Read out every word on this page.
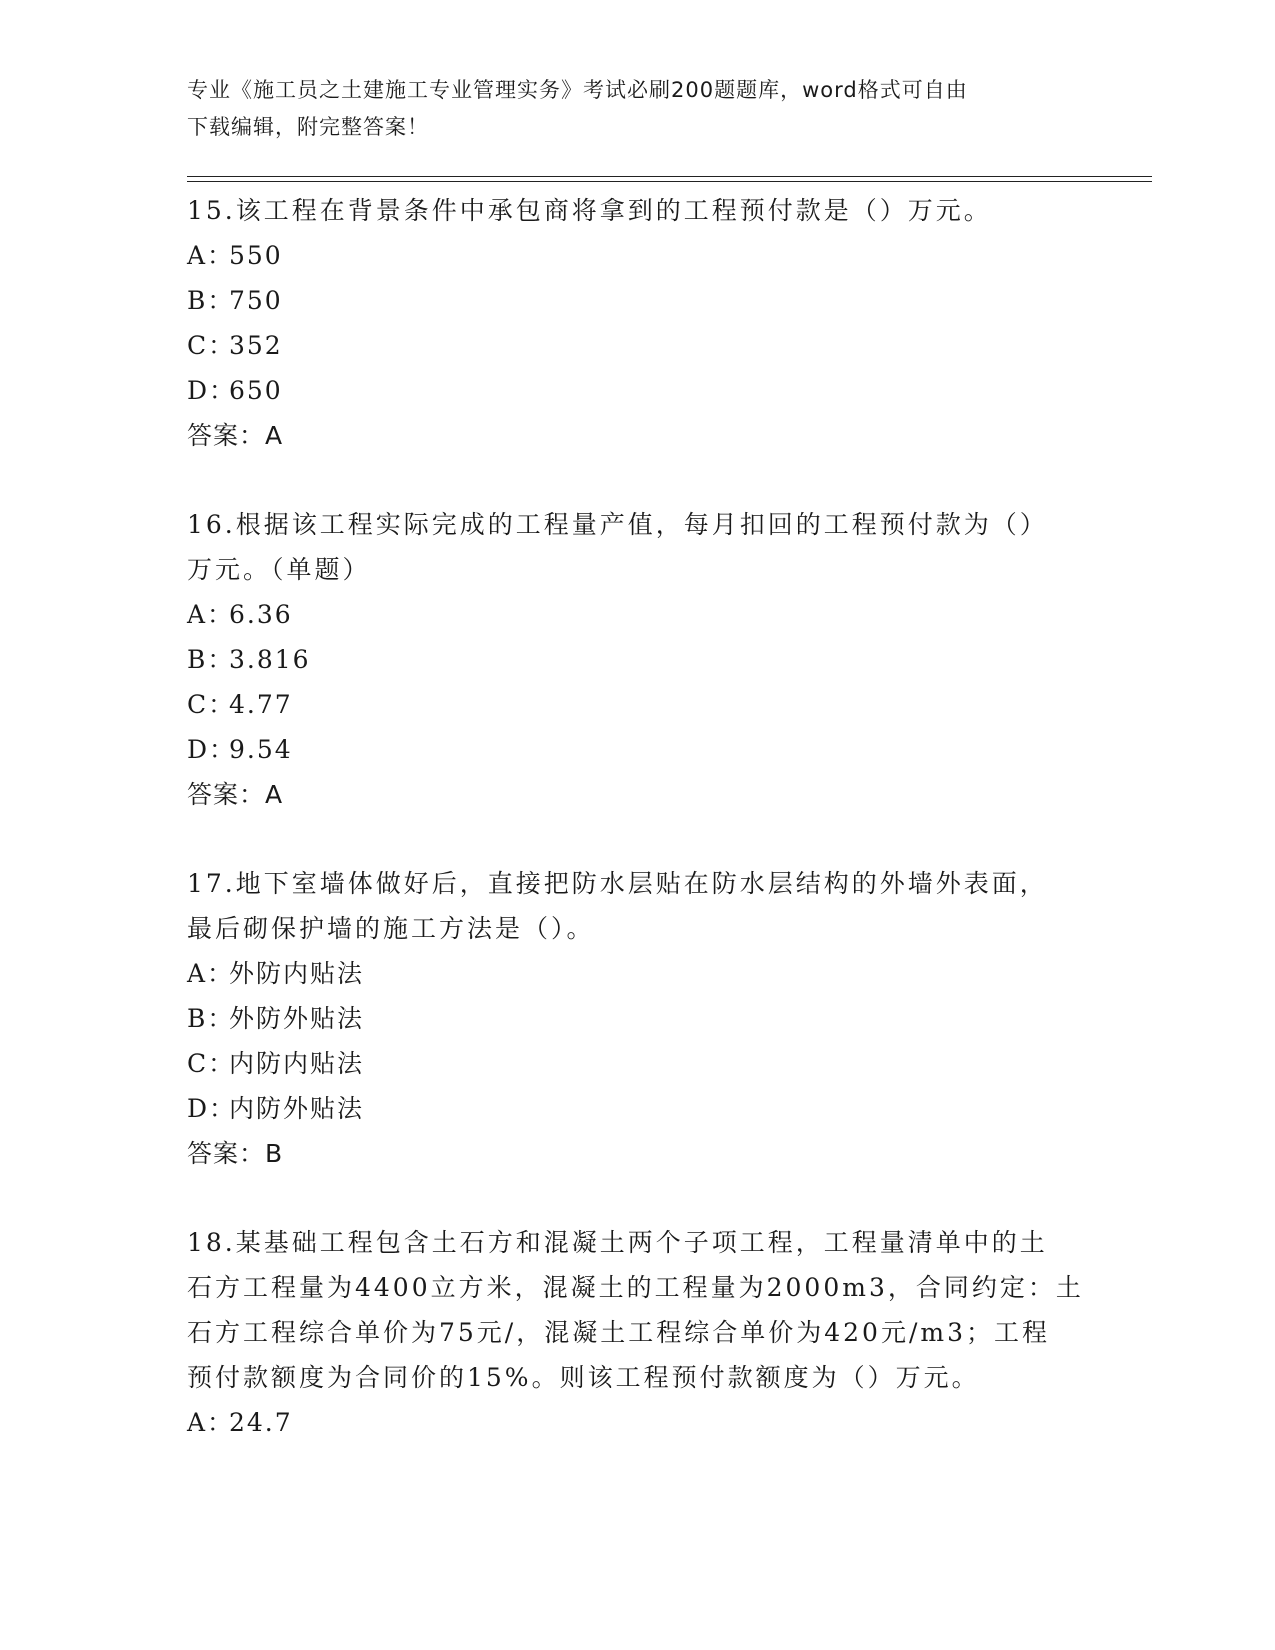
专业《施工员之土建施工专业管理实务》考试必刷200题题库，word格式可自由

下载编辑，附完整答案！

15.该工程在背景条件中承包商将拿到的工程预付款是（）万元。

A：550

B：750

C：352

D：650

答案：A

16.根据该工程实际完成的工程量产值，每月扣回的工程预付款为（）

万元。（单题）

A：6.36

B：3.816

C：4.77

D：9.54

答案：A

17.地下室墙体做好后，直接把防水层贴在防水层结构的外墙外表面，

最后砌保护墙的施工方法是（）。

A：外防内贴法

B：外防外贴法

C：内防内贴法

D：内防外贴法

答案：B

18.某基础工程包含土石方和混凝土两个子项工程，工程量清单中的土

石方工程量为4400立方米，混凝土的工程量为2000m3，合同约定：土

石方工程综合单价为75元/，混凝土工程综合单价为420元/m3；工程

预付款额度为合同价的15%。则该工程预付款额度为（）万元。

A：24.7
